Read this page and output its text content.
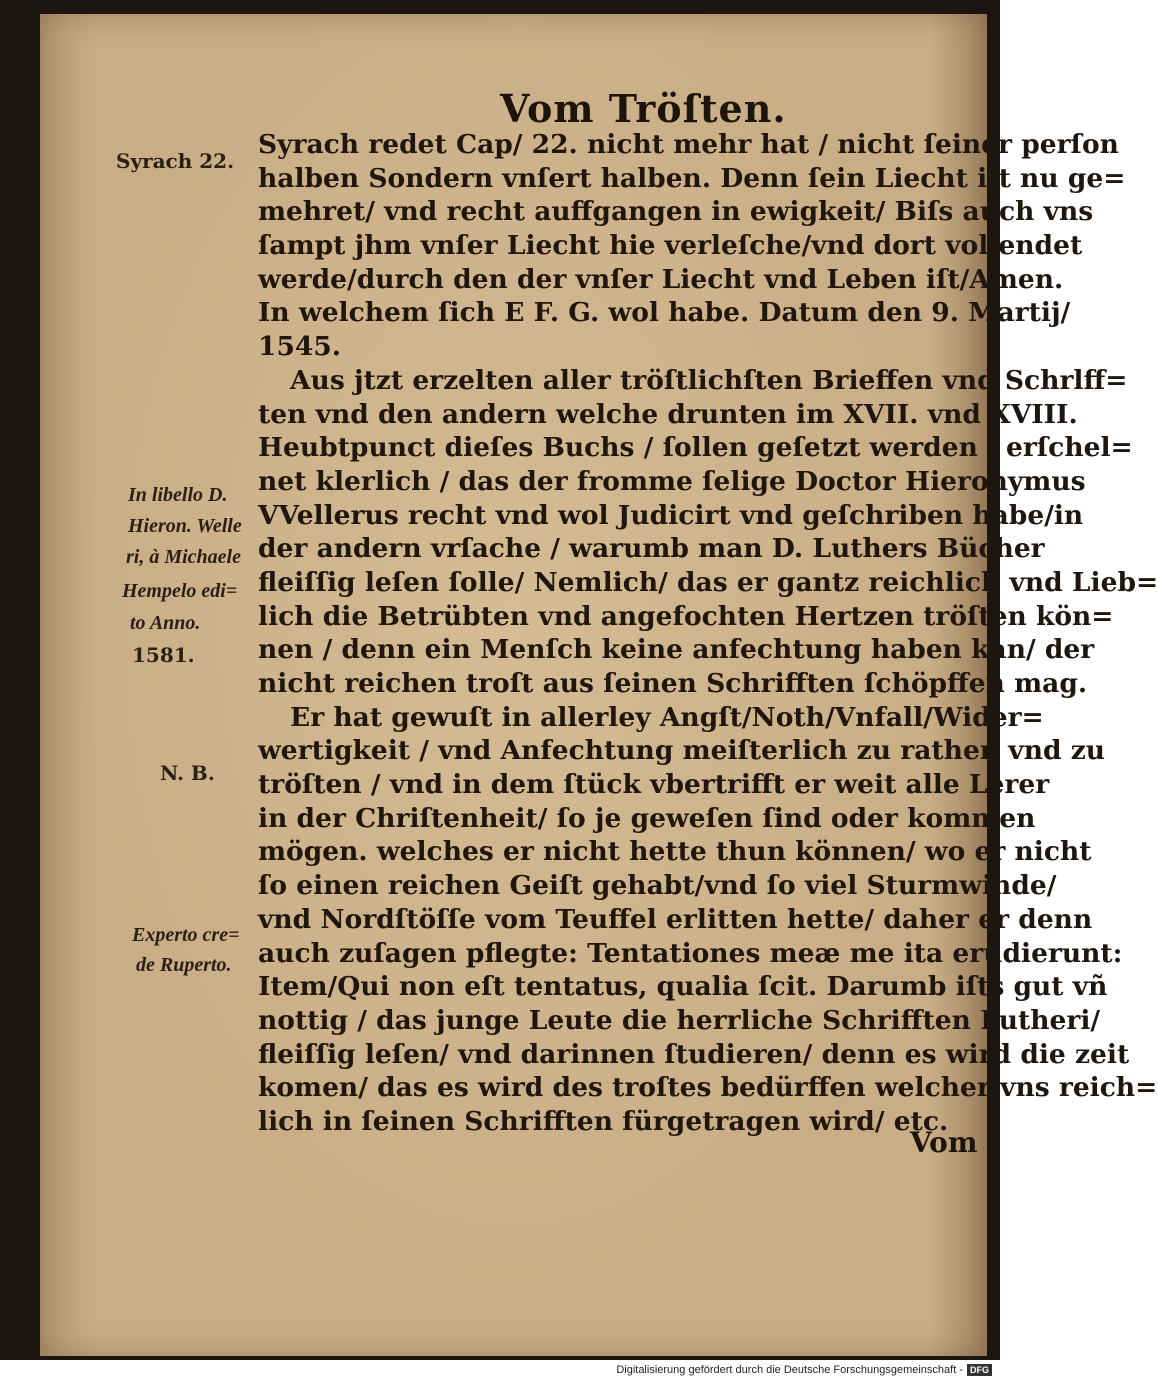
Vom Tröſten.
Syrach 22.
In libello D.
Hieron. Welle
ri, à Michaele
Hempelo edi=
to Anno.
1581.
N. B.
Experto cre=
de Ruperto.
Syrach redet Cap/ 22. nicht mehr hat / nicht ſeiner perſon
halben Sondern vnſert halben. Denn ſein Liecht iſt nu ge=
mehret/ vnd recht auffgangen in ewigkeit/ Biſs auch vns
ſampt jhm vnſer Liecht hie verleſche/vnd dort vollendet
werde/durch den der vnſer Liecht vnd Leben iſt/Amen.
In welchem ſich E F. G. wol habe. Datum den 9. Martij/
1545.
Aus jtzt erzelten aller tröſtlichſten Brieffen vnd Schrlff=
ten vnd den andern welche drunten im XVII. vnd XVIII.
Heubtpunct dieſes Buchs / ſollen geſetzt werden / erſchel=
net klerlich / das der fromme ſelige Doctor Hieronymus
VVellerus recht vnd wol Judicirt vnd geſchriben habe/in
der andern vrſache / warumb man D. Luthers Bücher
fleiſſig leſen ſolle/ Nemlich/ das er gantz reichlich vnd Lieb=
lich die Betrübten vnd angefochten Hertzen tröſten kön=
nen / denn ein Menſch keine anfechtung haben kan/ der
nicht reichen troſt aus ſeinen Schrifften ſchöpffen mag.
Er hat gewuſt in allerley Angſt/Noth/Vnfall/Wider=
wertigkeit / vnd Anfechtung meiſterlich zu rathen vnd zu
tröſten / vnd in dem ſtück vbertrifft er weit alle Lerer
in der Chriſtenheit/ ſo je geweſen ſind oder kommen
mögen. welches er nicht hette thun können/ wo er nicht
ſo einen reichen Geiſt gehabt/vnd ſo viel Sturmwinde/
vnd Nordſtöſſe vom Teuffel erlitten hette/ daher er denn
auch zuſagen pflegte: Tentationes meæ me ita erudierunt:
Item/Qui non eſt tentatus, qualia ſcit. Darumb iſts gut vñ
nottig / das junge Leute die herrliche Schrifften Lutheri/
fleiſſig leſen/ vnd darinnen ſtudieren/ denn es wird die zeit
komen/ das es wird des troſtes bedürffen welcher vns reich=
lich in ſeinen Schrifften fürgetragen wird/ etc.
Vom
Digitalisierung gefördert durch die Deutsche Forschungsgemeinschaft - DFG
